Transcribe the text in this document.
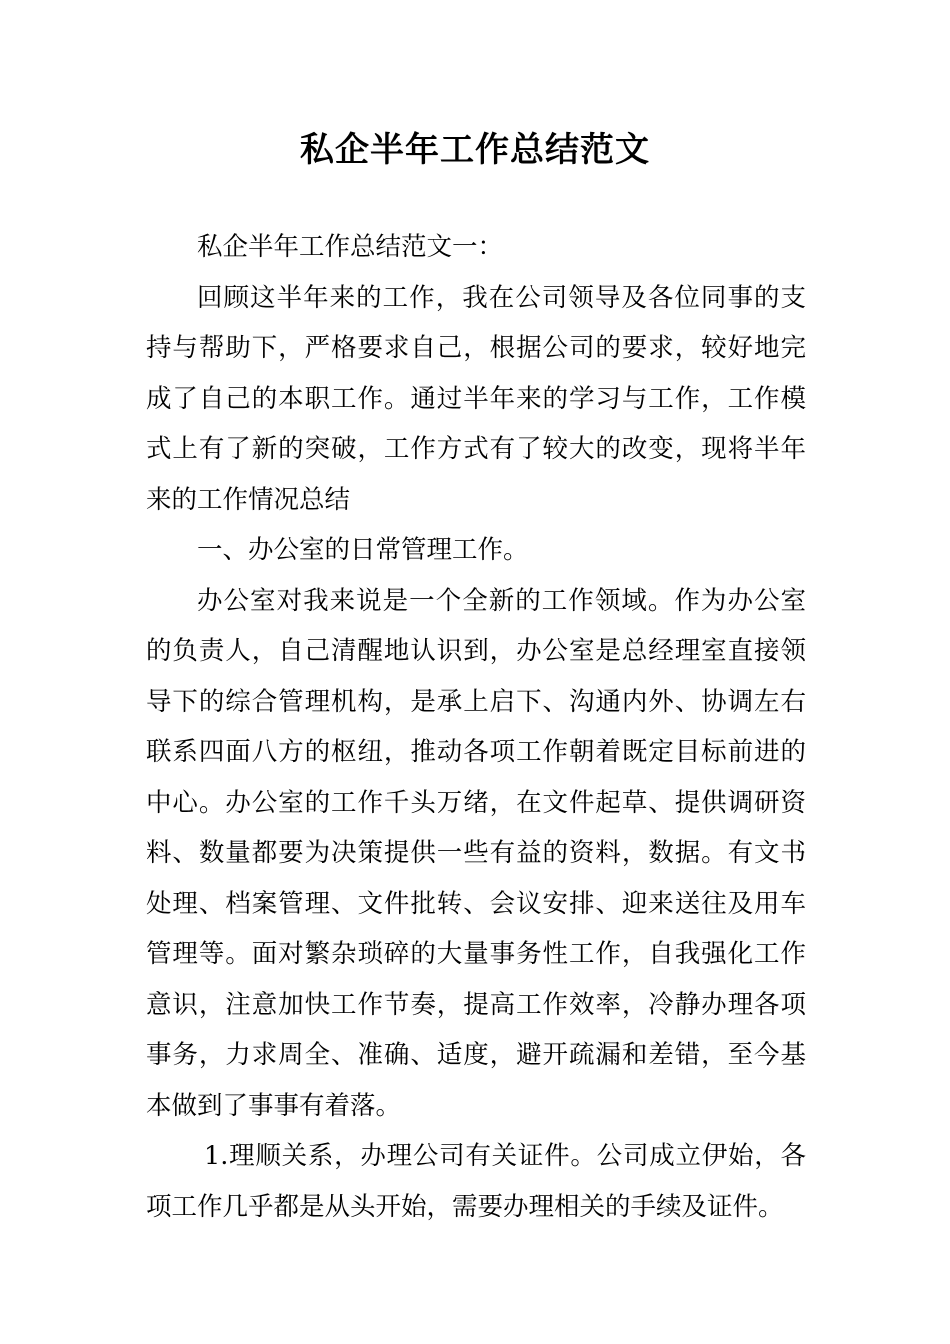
私企半年工作总结范文

私企半年工作总结范文一：

回顾这半年来的工作，我在公司领导及各位同事的支持与帮助下，严格要求自己，根据公司的要求，较好地完成了自己的本职工作。通过半年来的学习与工作，工作模式上有了新的突破，工作方式有了较大的改变，现将半年来的工作情况总结

一、办公室的日常管理工作。

办公室对我来说是一个全新的工作领域。作为办公室的负责人，自己清醒地认识到，办公室是总经理室直接领导下的综合管理机构，是承上启下、沟通内外、协调左右联系四面八方的枢纽，推动各项工作朝着既定目标前进的中心。办公室的工作千头万绪，在文件起草、提供调研资料、数量都要为决策提供一些有益的资料，数据。有文书处理、档案管理、文件批转、会议安排、迎来送往及用车管理等。面对繁杂琐碎的大量事务性工作，自我强化工作意识，注意加快工作节奏，提高工作效率，冷静办理各项事务，力求周全、准确、适度，避开疏漏和差错，至今基本做到了事事有着落。

1.理顺关系，办理公司有关证件。公司成立伊始，各项工作几乎都是从头开始，需要办理相关的手续及证件。
